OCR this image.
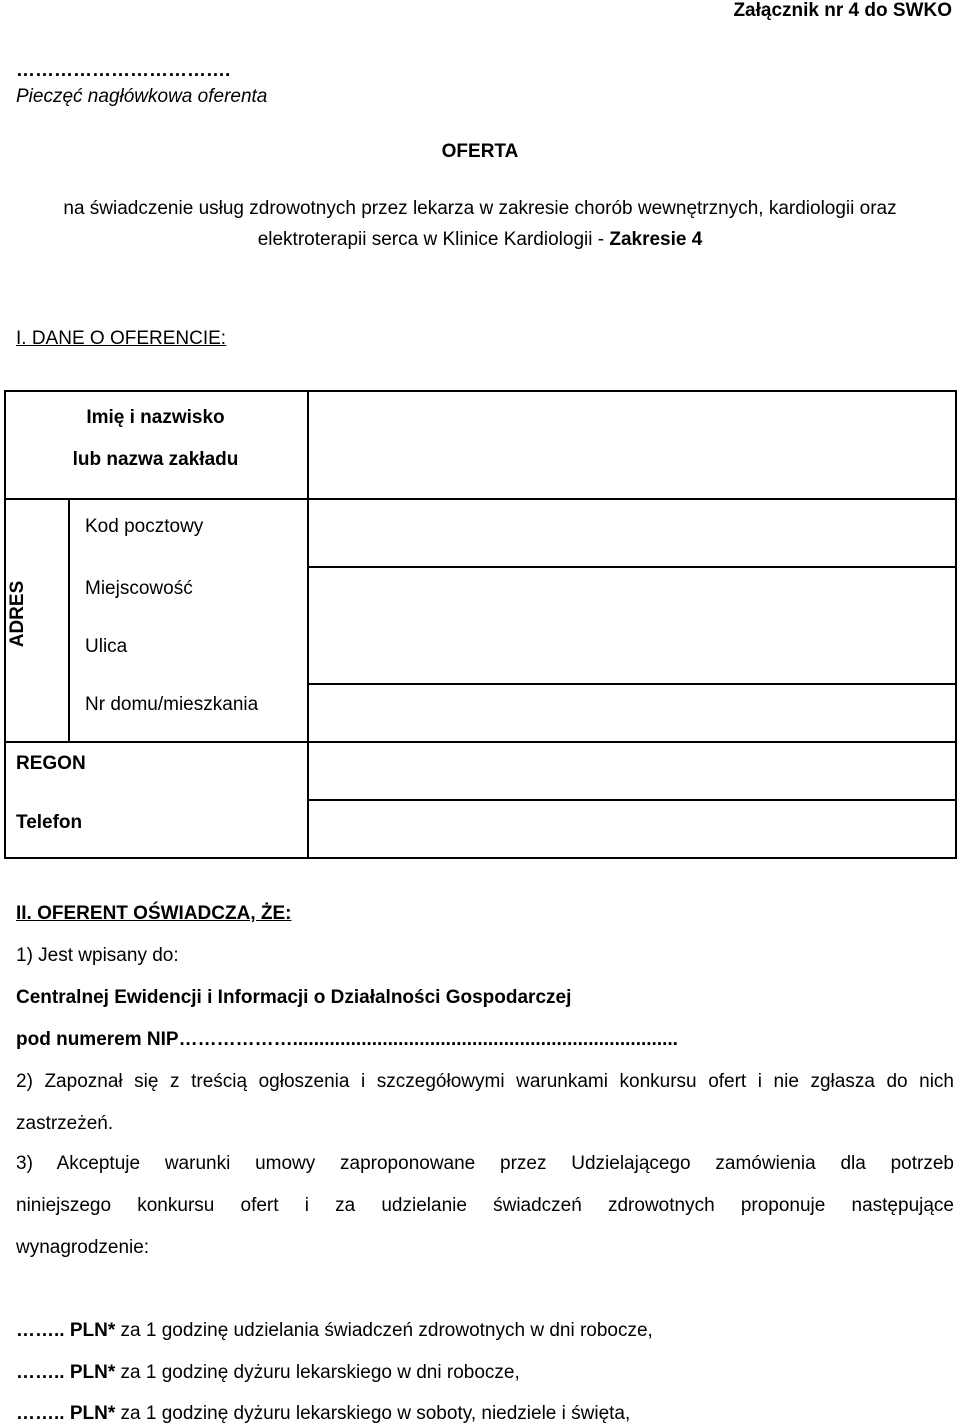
Załącznik nr 4 do SWKO
…………………………….
Pieczęć nagłówkowa oferenta
OFERTA
na świadczenie usług zdrowotnych przez lekarza w zakresie chorób wewnętrznych, kardiologii oraz
elektroterapii serca w Klinice Kardiologii - Zakresie 4
I. DANE O OFERENCIE:
Imię i nazwisko
lub nazwa zakładu
ADRES
Kod pocztowy
Miejscowość
Ulica
Nr domu/mieszkania
REGON
Telefon
II. OFERENT OŚWIADCZA, ŻE:
1) Jest wpisany do:
Centralnej Ewidencji i Informacji o Działalności Gospodarczej
pod numerem NIP……………….........................................................................
2) Zapoznał się z treścią ogłoszenia i szczegółowymi warunkami konkursu ofert i nie zgłasza do nich
zastrzeżeń.
3) Akceptuje warunki umowy zaproponowane przez Udzielającego zamówienia dla potrzeb
niniejszego konkursu ofert i za udzielanie świadczeń zdrowotnych proponuje następujące
wynagrodzenie:
…….. PLN* za 1 godzinę udzielania świadczeń zdrowotnych w dni robocze,
…….. PLN* za 1 godzinę dyżuru lekarskiego w dni robocze,
…….. PLN* za 1 godzinę dyżuru lekarskiego w soboty, niedziele i święta,
